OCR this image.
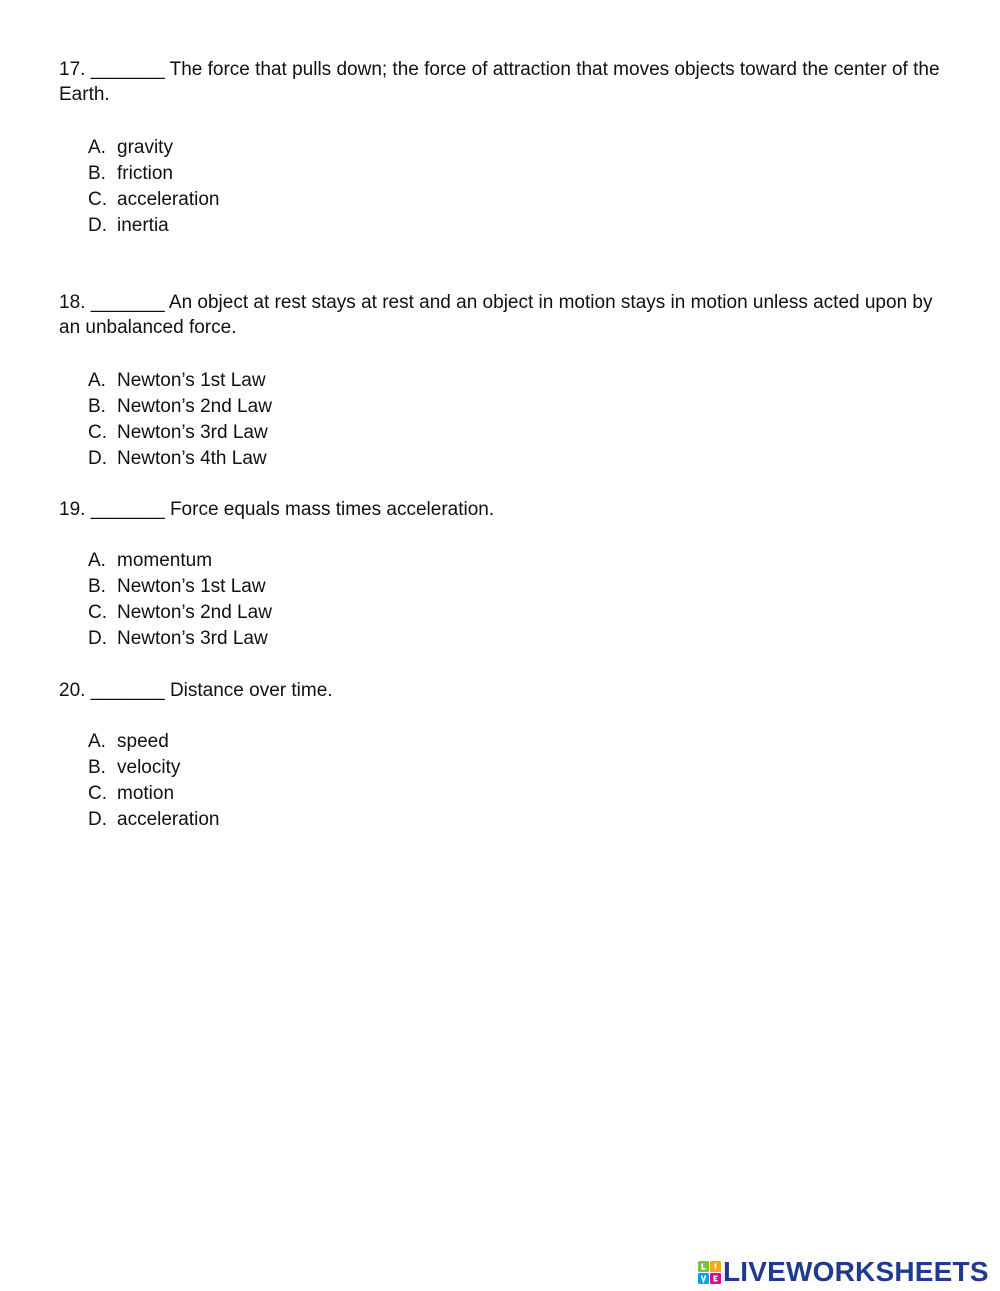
17. _______ The force that pulls down; the force of attraction that moves objects toward the center of the Earth.

A. gravity
B. friction
C. acceleration
D. inertia

18. _______ An object at rest stays at rest and an object in motion stays in motion unless acted upon by an unbalanced force.

A. Newton’s 1st Law
B. Newton’s 2nd Law
C. Newton’s 3rd Law
D. Newton’s 4th Law

19. _______ Force equals mass times acceleration.

A. momentum
B. Newton’s 1st Law
C. Newton’s 2nd Law
D. Newton’s 3rd Law

20. _______ Distance over time.

A. speed
B. velocity
C. motion
D. acceleration
LIVEWORKSHEETS
